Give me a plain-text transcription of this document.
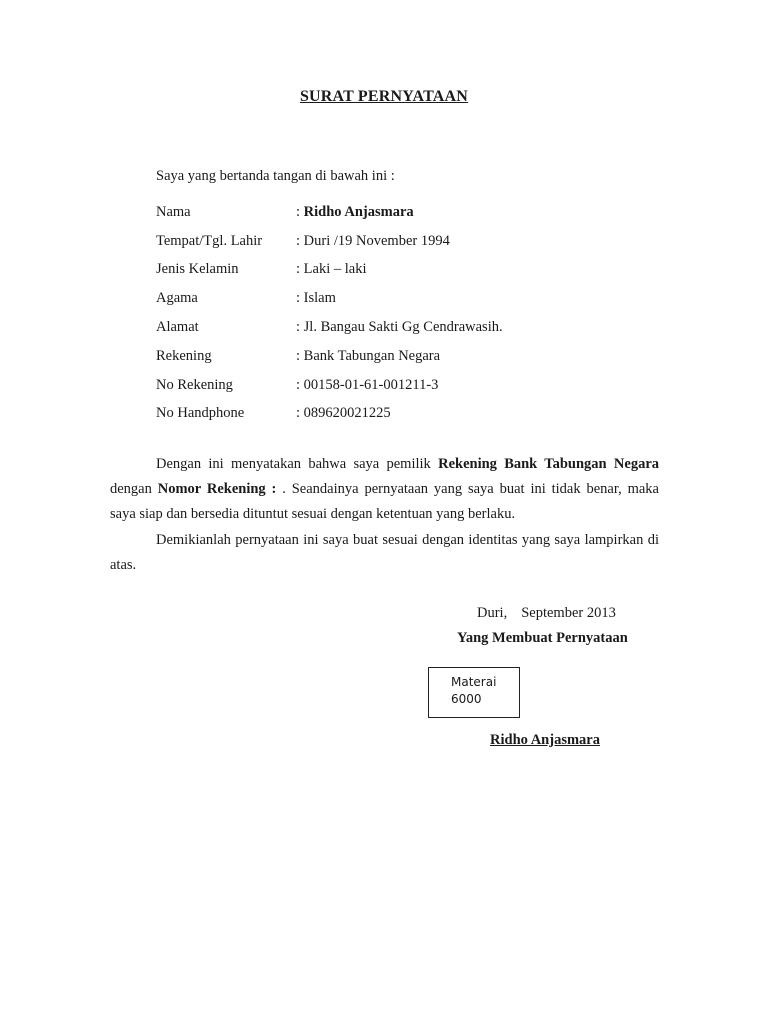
SURAT PERNYATAAN
Saya yang bertanda tangan di bawah ini :
Nama	: Ridho Anjasmara
Tempat/Tgl. Lahir	: Duri /19 November 1994
Jenis Kelamin	: Laki – laki
Agama	: Islam
Alamat	: Jl. Bangau Sakti Gg Cendrawasih.
Rekening	: Bank Tabungan Negara
No Rekening	: 00158-01-61-001211-3
No Handphone	: 089620021225
Dengan ini menyatakan bahwa saya pemilik Rekening Bank Tabungan Negara dengan Nomor Rekening : . Seandainya pernyataan yang saya buat ini tidak benar, maka saya siap dan bersedia dituntut sesuai dengan ketentuan yang berlaku.
Demikianlah pernyataan ini saya buat sesuai dengan identitas yang saya lampirkan di atas.
Duri, September 2013
Yang Membuat Pernyataan
Materai
6000
Ridho Anjasmara
